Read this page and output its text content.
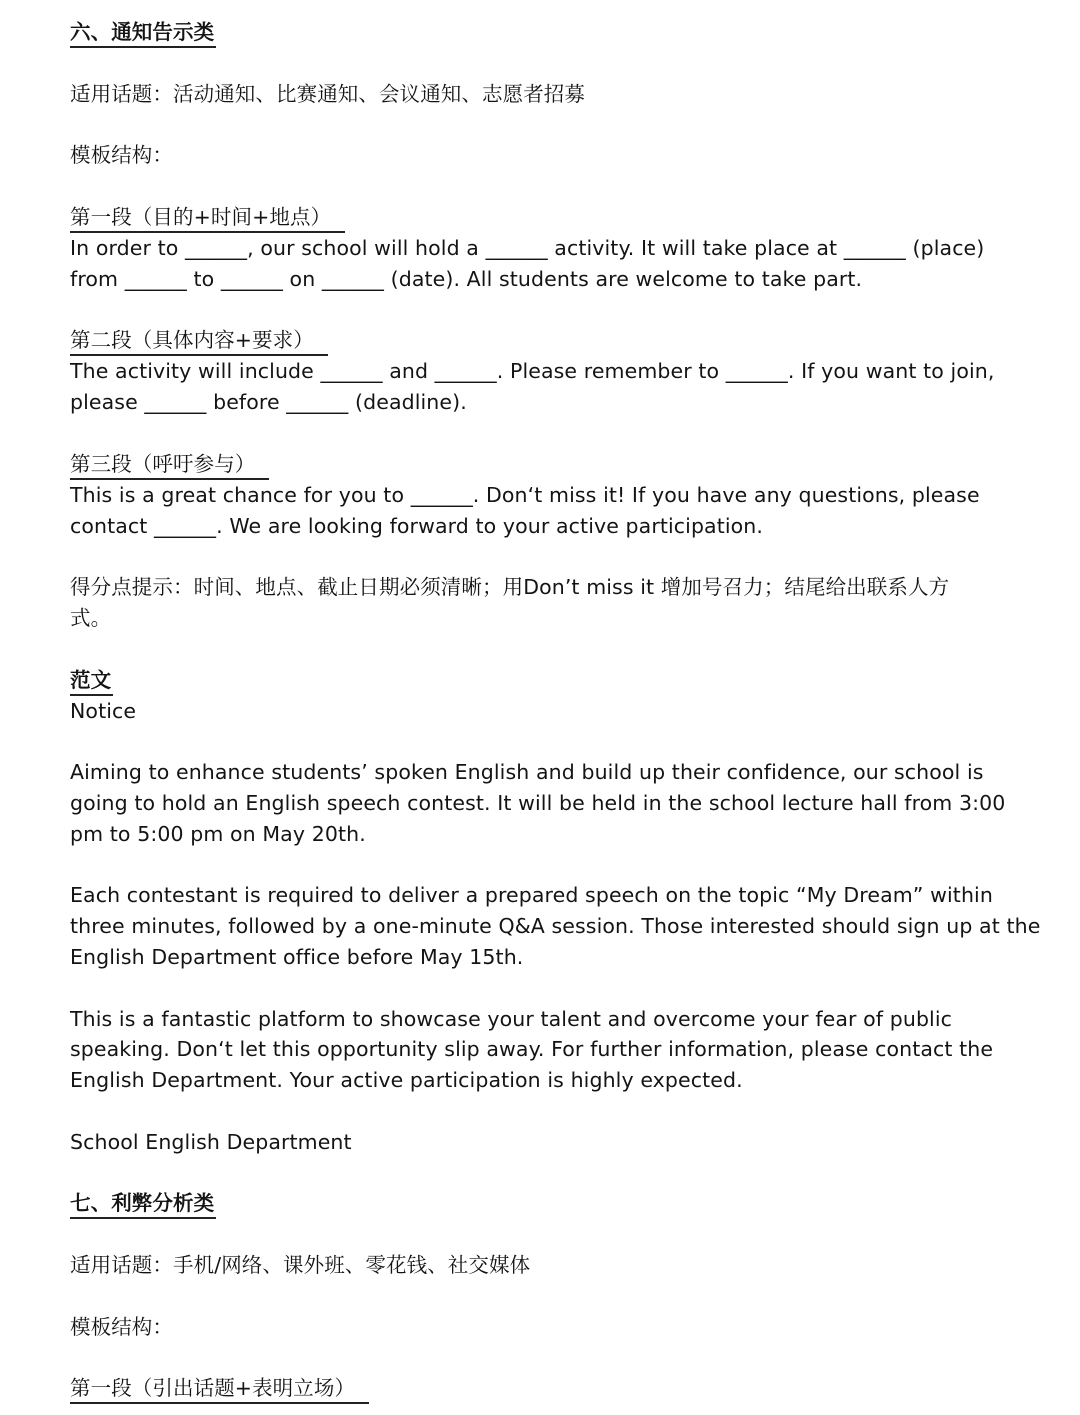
六、通知告示类
适用话题：活动通知、比赛通知、会议通知、志愿者招募
模板结构：
第一段（目的+时间+地点）
In order to ______, our school will hold a ______ activity. It will take place at ______ (place)
from ______ to ______ on ______ (date). All students are welcome to take part.
第二段（具体内容+要求）
The activity will include ______ and ______. Please remember to ______. If you want to join,
please ______ before ______ (deadline).
第三段（呼吁参与）
This is a great chance for you to ______. Don‘t miss it! If you have any questions, please
contact ______. We are looking forward to your active participation.
得分点提示：时间、地点、截止日期必须清晰；用Don’t miss it 增加号召力；结尾给出联系人方
式。
范文
Notice
Aiming to enhance students’ spoken English and build up their confidence, our school is
going to hold an English speech contest. It will be held in the school lecture hall from 3:00
pm to 5:00 pm on May 20th.
Each contestant is required to deliver a prepared speech on the topic “My Dream” within
three minutes, followed by a one-minute Q&A session. Those interested should sign up at the
English Department office before May 15th.
This is a fantastic platform to showcase your talent and overcome your fear of public
speaking. Don‘t let this opportunity slip away. For further information, please contact the
English Department. Your active participation is highly expected.
School English Department
七、利弊分析类
适用话题：手机/网络、课外班、零花钱、社交媒体
模板结构：
第一段（引出话题+表明立场）
